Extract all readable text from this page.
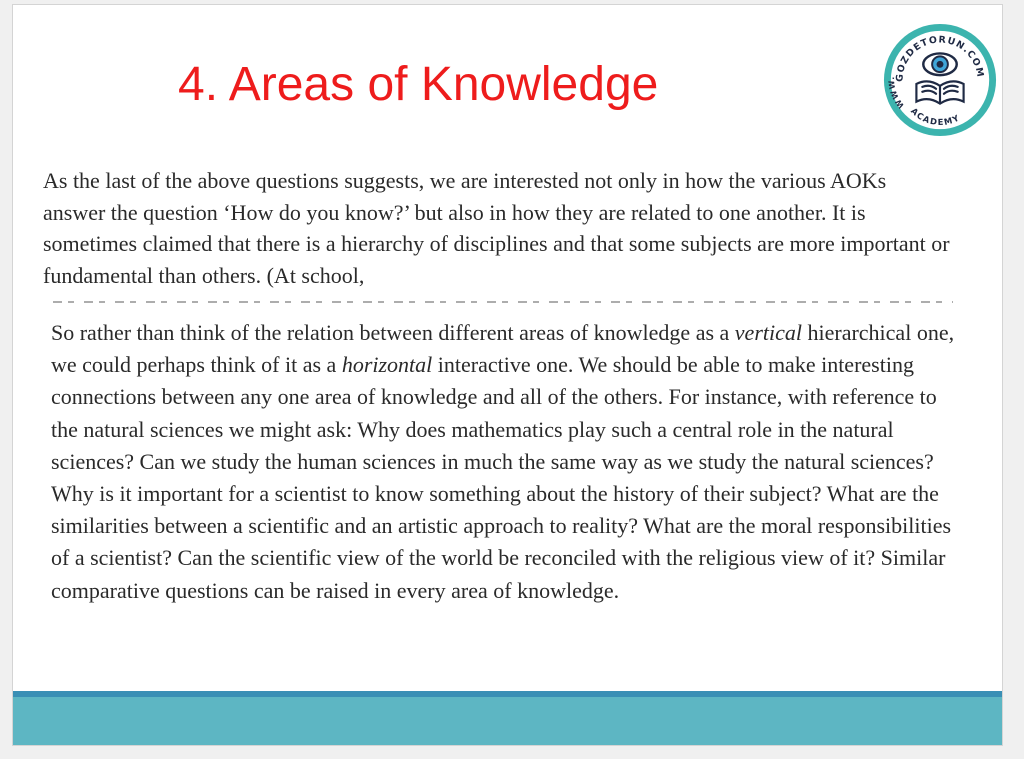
4. Areas of Knowledge	GOZDETORUN.COM
WWW.
ACADEMY

As the last of the above questions suggests, we are interested not only in how the various AOKs answer the question ‘How do you know?’ but also in how they are related to one another. It is sometimes claimed that there is a hierarchy of disciplines and that some subjects are more important or fundamental than others. (At school,

So rather than think of the relation between different areas of knowledge as a vertical hierarchical one, we could perhaps think of it as a horizontal interactive one. We should be able to make interesting connections between any one area of knowledge and all of the others. For instance, with reference to the natural sciences we might ask: Why does mathematics play such a central role in the natural sciences? Can we study the human sciences in much the same way as we study the natural sciences? Why is it important for a scientist to know something about the history of their subject? What are the similarities between a scientific and an artistic approach to reality? What are the moral responsibilities of a scientist? Can the scientific view of the world be reconciled with the religious view of it? Similar comparative questions can be raised in every area of knowledge.
